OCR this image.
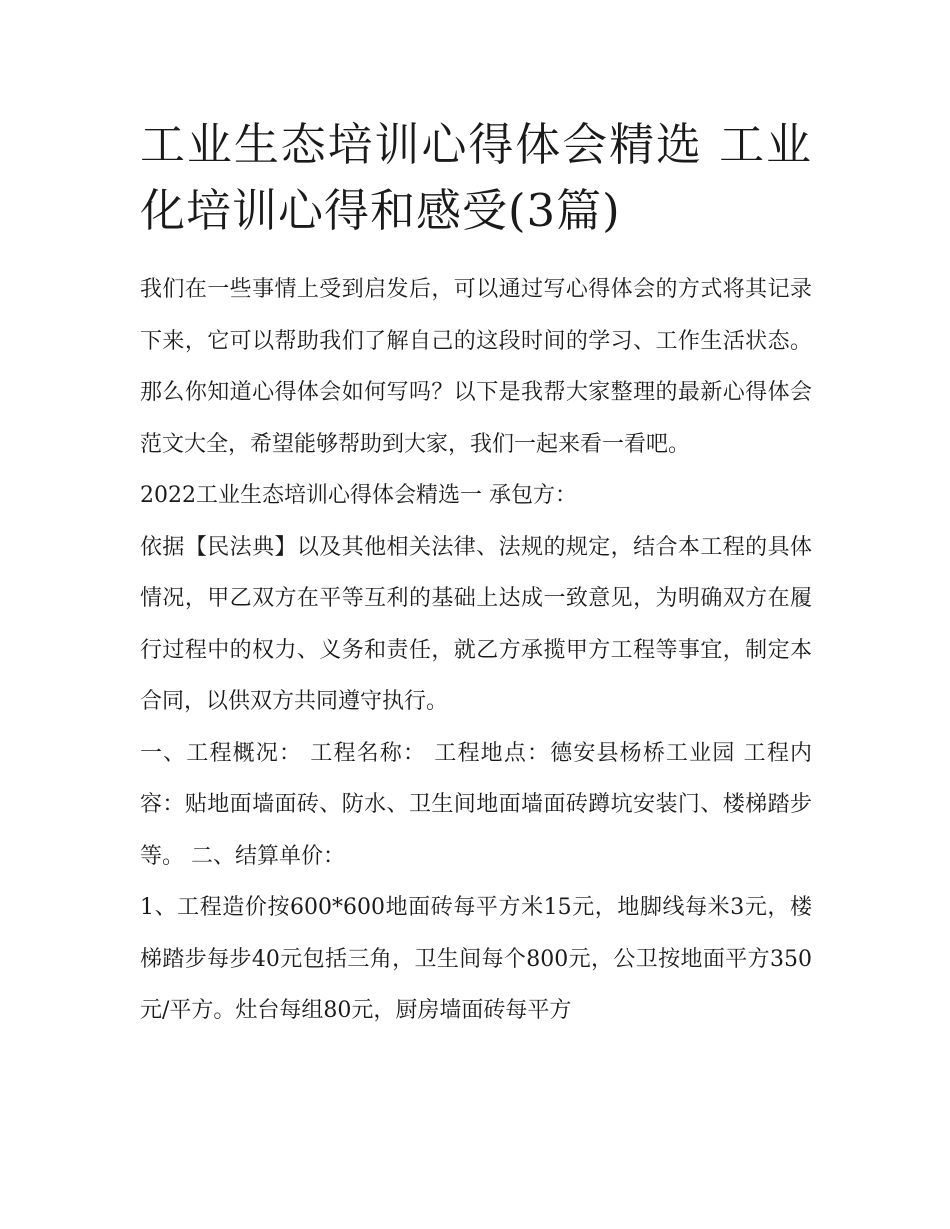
工业生态培训心得体会精选 工业化培训心得和感受(3篇)

我们在一些事情上受到启发后，可以通过写心得体会的方式将其记录下来，它可以帮助我们了解自己的这段时间的学习、工作生活状态。那么你知道心得体会如何写吗？以下是我帮大家整理的最新心得体会范文大全，希望能够帮助到大家，我们一起来看一看吧。

2022工业生态培训心得体会精选一 承包方：

依据【民法典】以及其他相关法律、法规的规定，结合本工程的具体情况，甲乙双方在平等互利的基础上达成一致意见，为明确双方在履行过程中的权力、义务和责任，就乙方承揽甲方工程等事宜，制定本合同，以供双方共同遵守执行。

一、工程概况： 工程名称： 工程地点：德安县杨桥工业园 工程内容：贴地面墙面砖、防水、卫生间地面墙面砖蹲坑安装门、楼梯踏步等。 二、结算单价：

1、工程造价按600*600地面砖每平方米15元，地脚线每米3元，楼梯踏步每步40元包括三角，卫生间每个800元，公卫按地面平方350元/平方。灶台每组80元，厨房墙面砖每平方
